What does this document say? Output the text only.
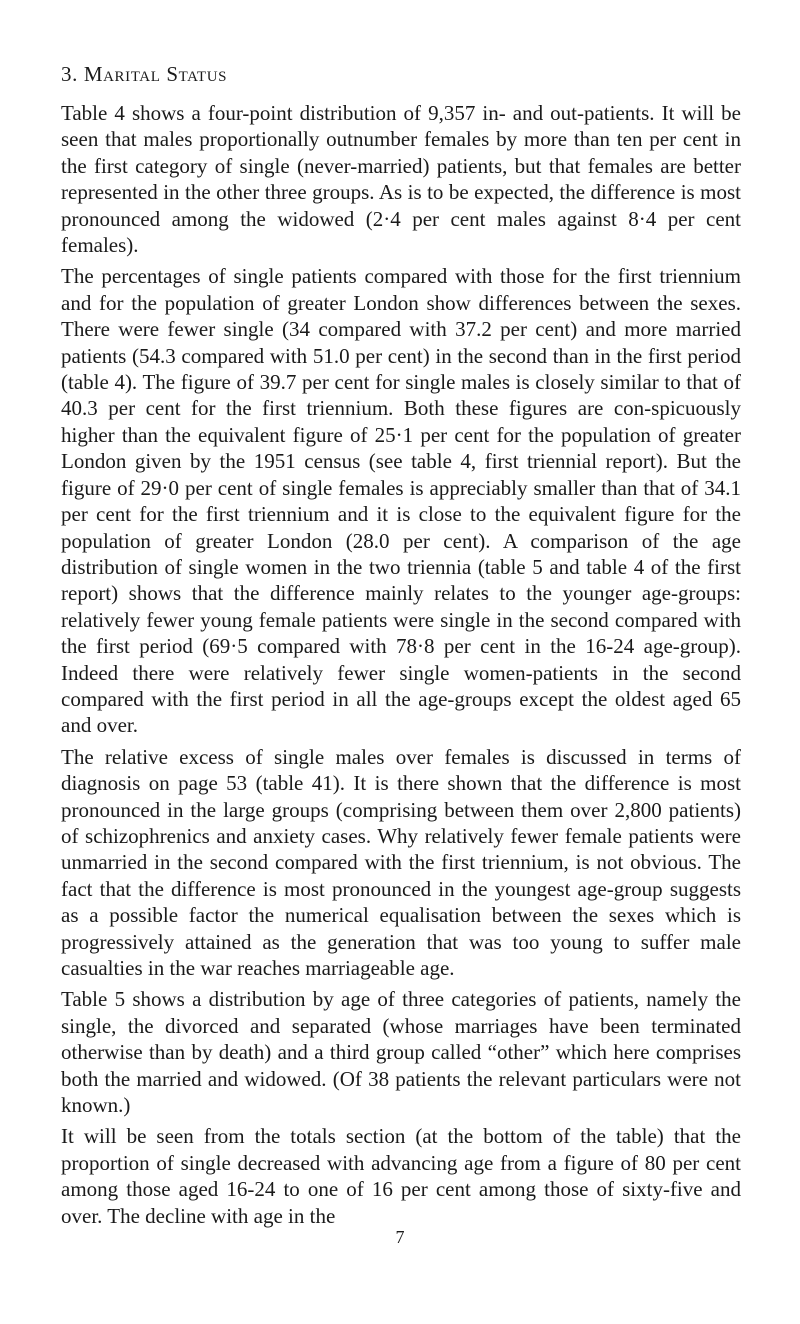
3. Marital Status

Table 4 shows a four-point distribution of 9,357 in- and out-patients. It will be seen that males proportionally outnumber females by more than ten per cent in the first category of single (never-married) patients, but that females are better represented in the other three groups. As is to be expected, the difference is most pronounced among the widowed (2·4 per cent males against 8·4 per cent females).

The percentages of single patients compared with those for the first triennium and for the population of greater London show differences between the sexes. There were fewer single (34 compared with 37.2 per cent) and more married patients (54.3 compared with 51.0 per cent) in the second than in the first period (table 4). The figure of 39.7 per cent for single males is closely similar to that of 40.3 per cent for the first triennium. Both these figures are con-spicuously higher than the equivalent figure of 25·1 per cent for the population of greater London given by the 1951 census (see table 4, first triennial report). But the figure of 29·0 per cent of single females is appreciably smaller than that of 34.1 per cent for the first triennium and it is close to the equivalent figure for the population of greater London (28.0 per cent). A comparison of the age distribution of single women in the two triennia (table 5 and table 4 of the first report) shows that the difference mainly relates to the younger age-groups: relatively fewer young female patients were single in the second compared with the first period (69·5 compared with 78·8 per cent in the 16-24 age-group). Indeed there were relatively fewer single women-patients in the second compared with the first period in all the age-groups except the oldest aged 65 and over.

The relative excess of single males over females is discussed in terms of diagnosis on page 53 (table 41). It is there shown that the difference is most pronounced in the large groups (comprising between them over 2,800 patients) of schizophrenics and anxiety cases. Why relatively fewer female patients were unmarried in the second compared with the first triennium, is not obvious. The fact that the difference is most pronounced in the youngest age-group suggests as a possible factor the numerical equalisation between the sexes which is progressively attained as the generation that was too young to suffer male casualties in the war reaches marriageable age.

Table 5 shows a distribution by age of three categories of patients, namely the single, the divorced and separated (whose marriages have been terminated otherwise than by death) and a third group called “other” which here comprises both the married and widowed. (Of 38 patients the relevant particulars were not known.)

It will be seen from the totals section (at the bottom of the table) that the proportion of single decreased with advancing age from a figure of 80 per cent among those aged 16-24 to one of 16 per cent among those of sixty-five and over. The decline with age in the

7
